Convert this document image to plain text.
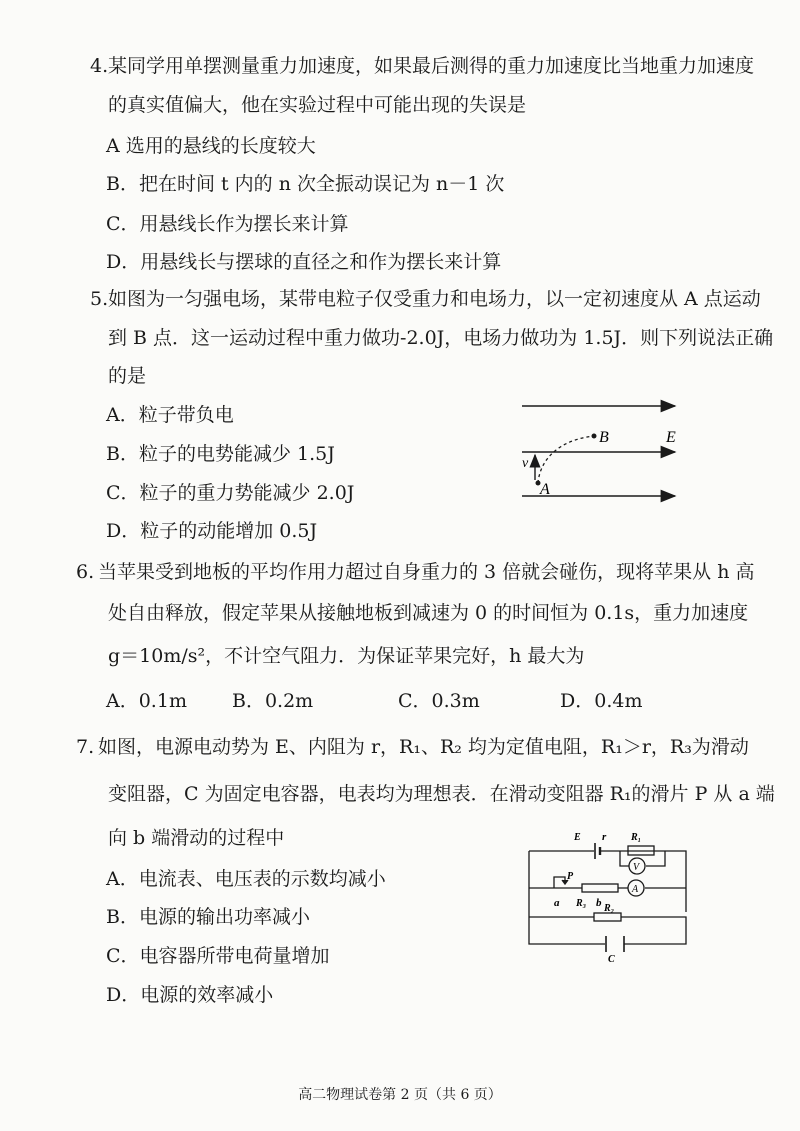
4. 某同学用单摆测量重力加速度，如果最后测得的重力加速度比当地重力加速度
的真实值偏大，他在实验过程中可能出现的失误是
A 选用的悬线的长度较大
B．把在时间 t 内的 n 次全振动误记为 n－1 次
C．用悬线长作为摆长来计算
D．用悬线长与摆球的直径之和作为摆长来计算
5. 如图为一匀强电场，某带电粒子仅受重力和电场力，以一定初速度从 A 点运动
到 B 点．这一运动过程中重力做功-2.0J，电场力做功为 1.5J．则下列说法正确
的是
A．粒子带负电
B．粒子的电势能减少 1.5J
C．粒子的重力势能减少 2.0J
D．粒子的动能增加 0.5J
B	E
v
A
6. 当苹果受到地板的平均作用力超过自身重力的 3 倍就会碰伤，现将苹果从 h 高
处自由释放，假定苹果从接触地板到减速为 0 的时间恒为 0.1s，重力加速度
g＝10m/s²，不计空气阻力．为保证苹果完好，h 最大为
A．0.1m B．0.2m	C．0.3m	D．0.4m
7. 如图，电源电动势为 E、内阻为 r，R₁、R₂ 均为定值电阻，R₁＞r，R₃为滑动
变阻器，C 为固定电容器，电表均为理想表．在滑动变阻器 R₁的滑片 P 从 a 端
向 b 端滑动的过程中
A．电流表、电压表的示数均减小
B．电源的输出功率减小
C．电容器所带电荷量增加
D．电源的效率减小
E r R₁
V
P
A
a R₃ b R₂
C
高二物理试卷第 2 页（共 6 页）
